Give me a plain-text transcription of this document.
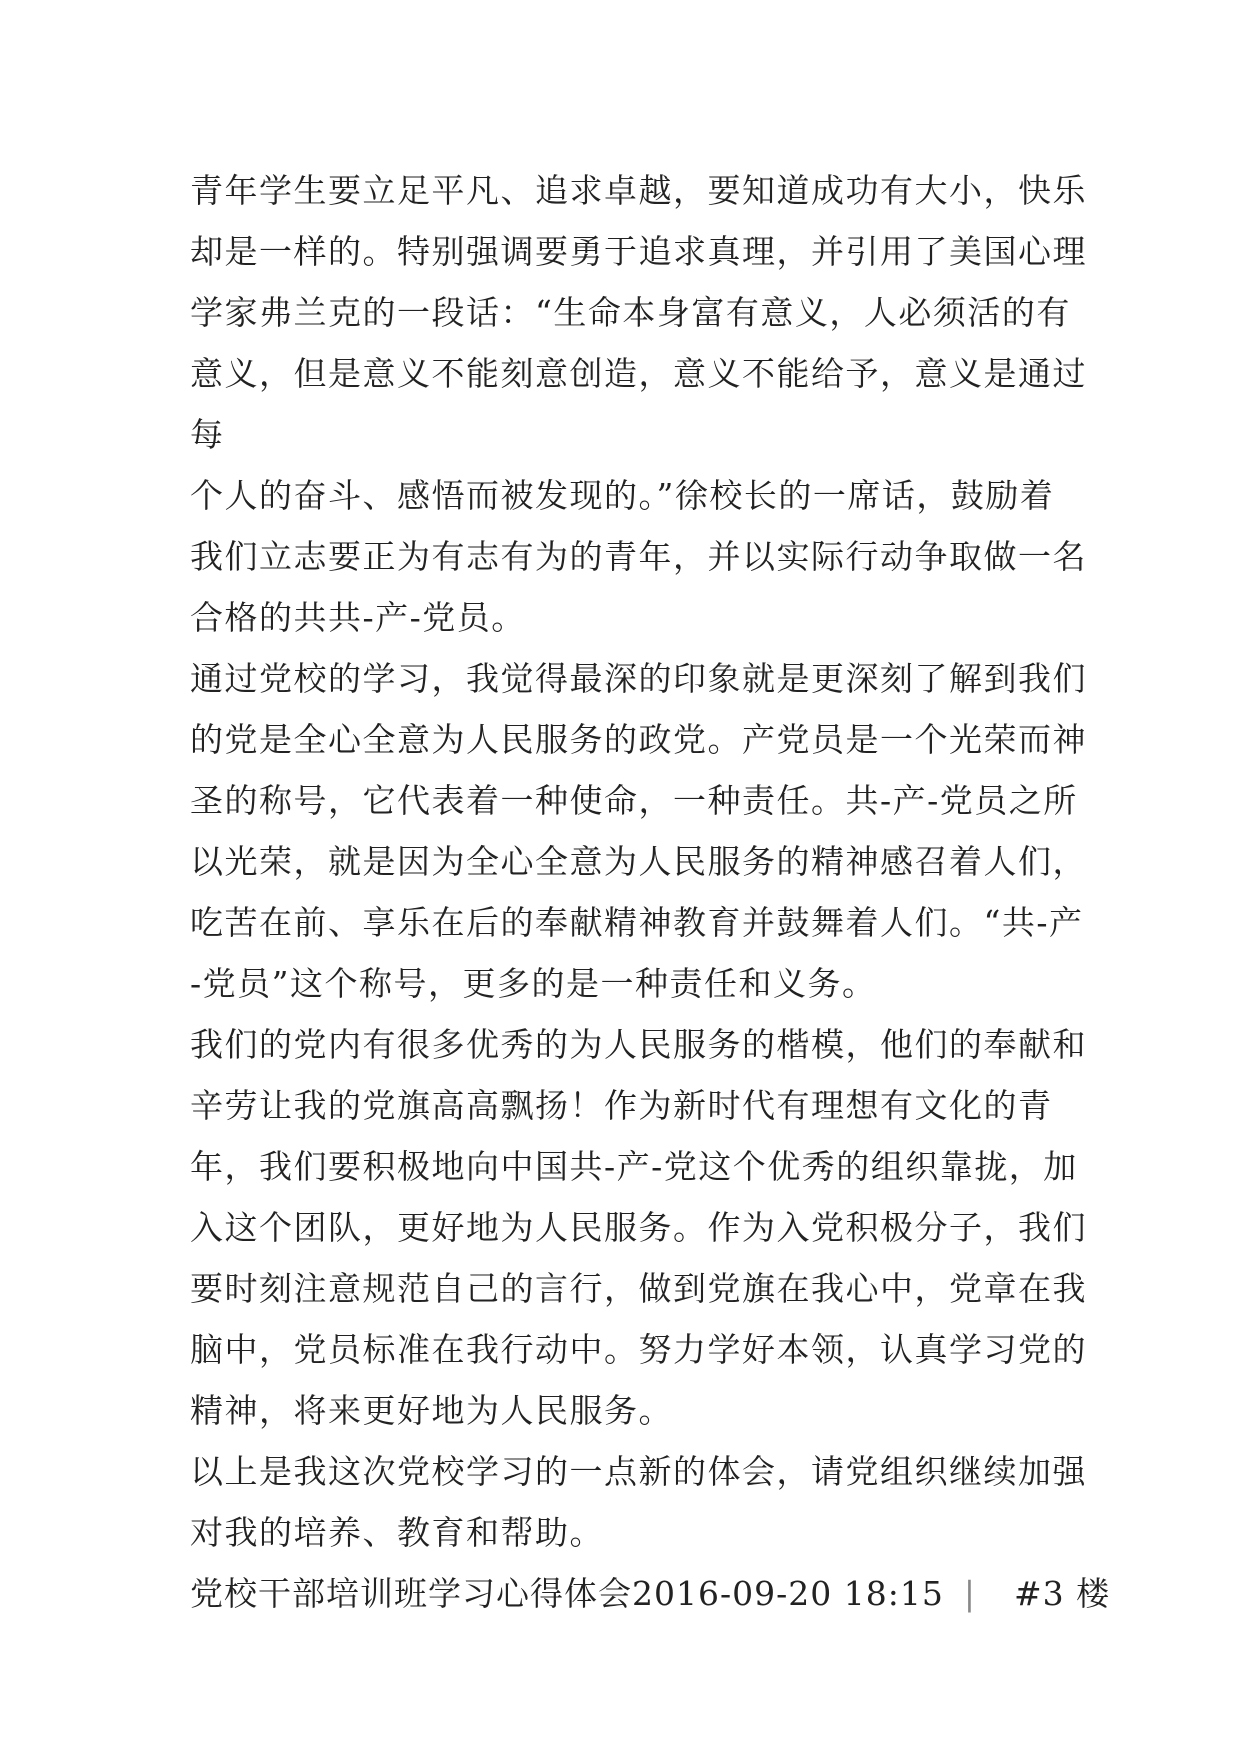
青年学生要立足平凡、追求卓越，要知道成功有大小，快乐
却是一样的。特别强调要勇于追求真理，并引用了美国心理
学家弗兰克的一段话：“生命本身富有意义，人必须活的有
意义，但是意义不能刻意创造，意义不能给予，意义是通过
每
个人的奋斗、感悟而被发现的。”徐校长的一席话，鼓励着
我们立志要正为有志有为的青年，并以实际行动争取做一名
合格的共共-产-党员。
通过党校的学习，我觉得最深的印象就是更深刻了解到我们
的党是全心全意为人民服务的政党。产党员是一个光荣而神
圣的称号，它代表着一种使命，一种责任。共-产-党员之所
以光荣，就是因为全心全意为人民服务的精神感召着人们，
吃苦在前、享乐在后的奉献精神教育并鼓舞着人们。“共-产
-党员”这个称号，更多的是一种责任和义务。
我们的党内有很多优秀的为人民服务的楷模，他们的奉献和
辛劳让我的党旗高高飘扬！作为新时代有理想有文化的青
年，我们要积极地向中国共-产-党这个优秀的组织靠拢，加
入这个团队，更好地为人民服务。作为入党积极分子，我们
要时刻注意规范自己的言行，做到党旗在我心中，党章在我
脑中，党员标准在我行动中。努力学好本领，认真学习党的
精神，将来更好地为人民服务。
以上是我这次党校学习的一点新的体会，请党组织继续加强
对我的培养、教育和帮助。
党校干部培训班学习心得体会2016-09-20 18:15 | #3 楼
